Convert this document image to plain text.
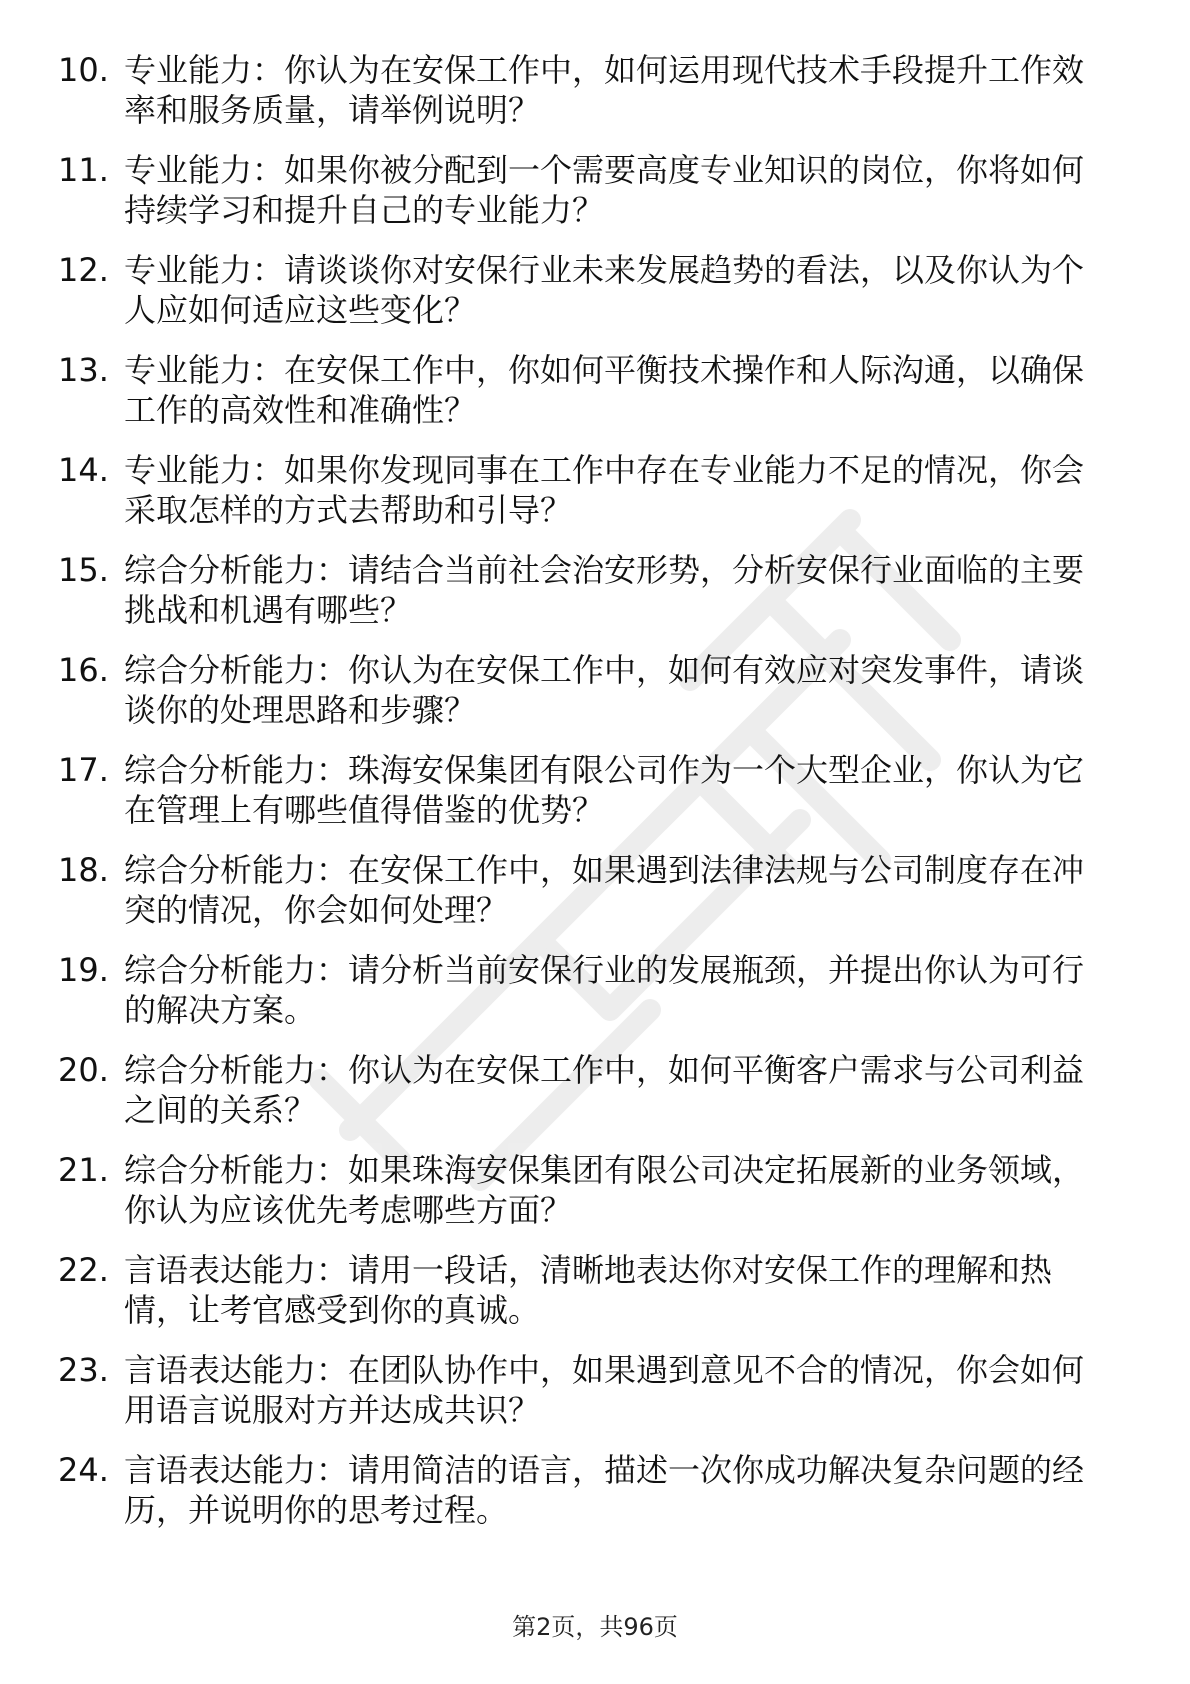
10. 专业能力：你认为在安保工作中，如何运用现代技术手段提升工作效率和服务质量，请举例说明？
11. 专业能力：如果你被分配到一个需要高度专业知识的岗位，你将如何持续学习和提升自己的专业能力？
12. 专业能力：请谈谈你对安保行业未来发展趋势的看法，以及你认为个人应如何适应这些变化？
13. 专业能力：在安保工作中，你如何平衡技术操作和人际沟通，以确保工作的高效性和准确性？
14. 专业能力：如果你发现同事在工作中存在专业能力不足的情况，你会采取怎样的方式去帮助和引导？
15. 综合分析能力：请结合当前社会治安形势，分析安保行业面临的主要挑战和机遇有哪些？
16. 综合分析能力：你认为在安保工作中，如何有效应对突发事件，请谈谈你的处理思路和步骤？
17. 综合分析能力：珠海安保集团有限公司作为一个大型企业，你认为它在管理上有哪些值得借鉴的优势？
18. 综合分析能力：在安保工作中，如果遇到法律法规与公司制度存在冲突的情况，你会如何处理？
19. 综合分析能力：请分析当前安保行业的发展瓶颈，并提出你认为可行的解决方案。
20. 综合分析能力：你认为在安保工作中，如何平衡客户需求与公司利益之间的关系？
21. 综合分析能力：如果珠海安保集团有限公司决定拓展新的业务领域，你认为应该优先考虑哪些方面？
22. 言语表达能力：请用一段话，清晰地表达你对安保工作的理解和热情，让考官感受到你的真诚。
23. 言语表达能力：在团队协作中，如果遇到意见不合的情况，你会如何用语言说服对方并达成共识？
24. 言语表达能力：请用简洁的语言，描述一次你成功解决复杂问题的经历，并说明你的思考过程。
第2页，共96页
